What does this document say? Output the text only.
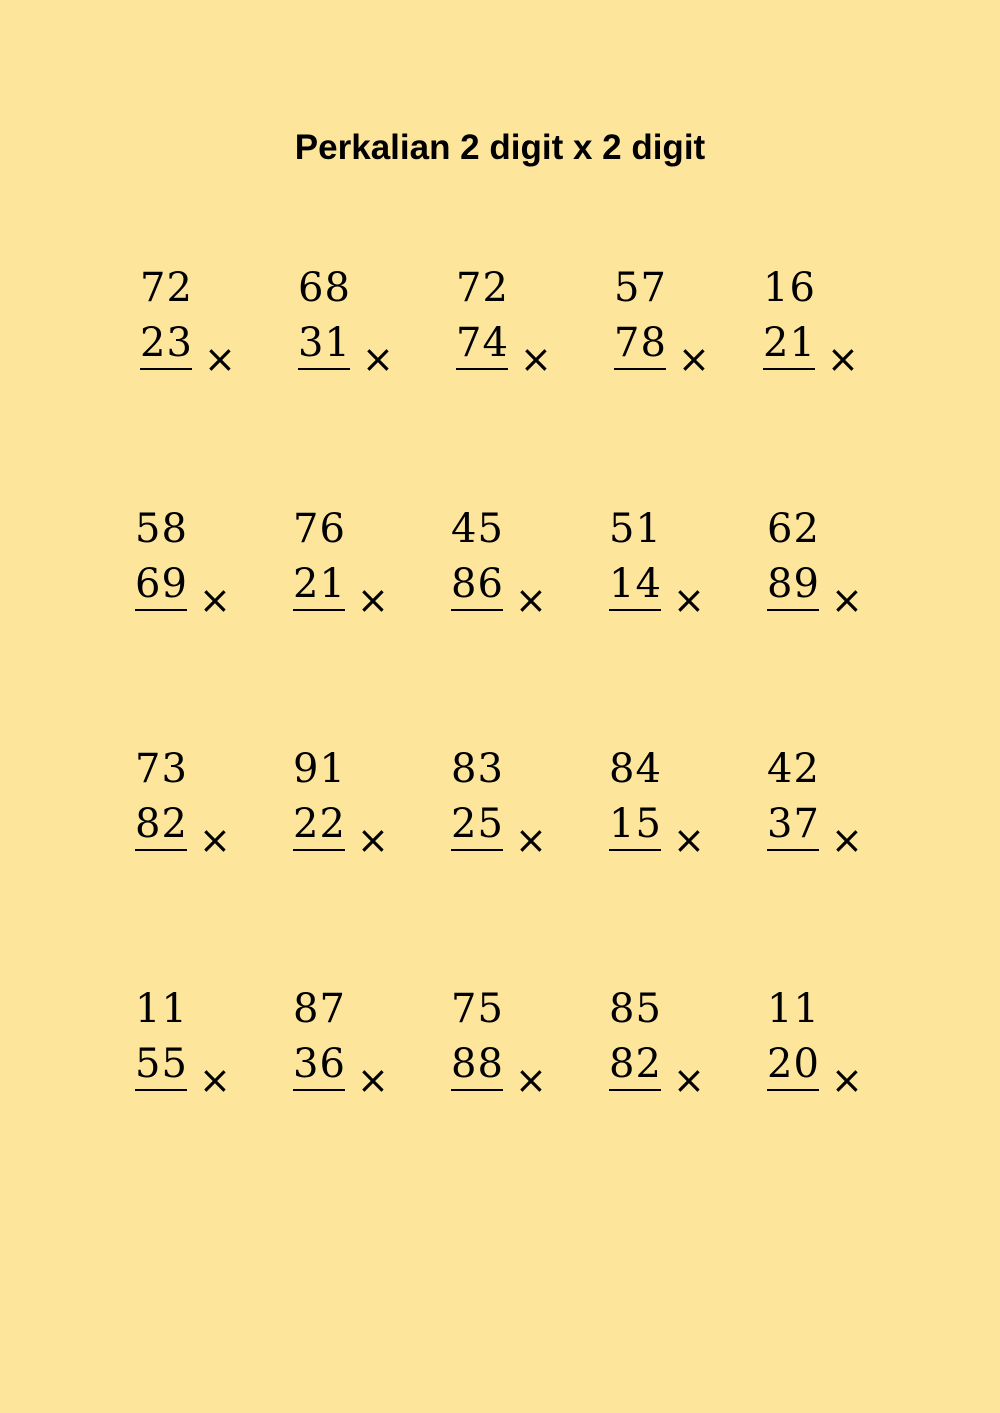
Perkalian 2 digit x 2 digit
72
23 ×
68
31 ×
72
74 ×
57
78 ×
16
21 ×
58
69 ×
76
21 ×
45
86 ×
51
14 ×
62
89 ×
73
82 ×
91
22 ×
83
25 ×
84
15 ×
42
37 ×
11
55 ×
87
36 ×
75
88 ×
85
82 ×
11
20 ×
